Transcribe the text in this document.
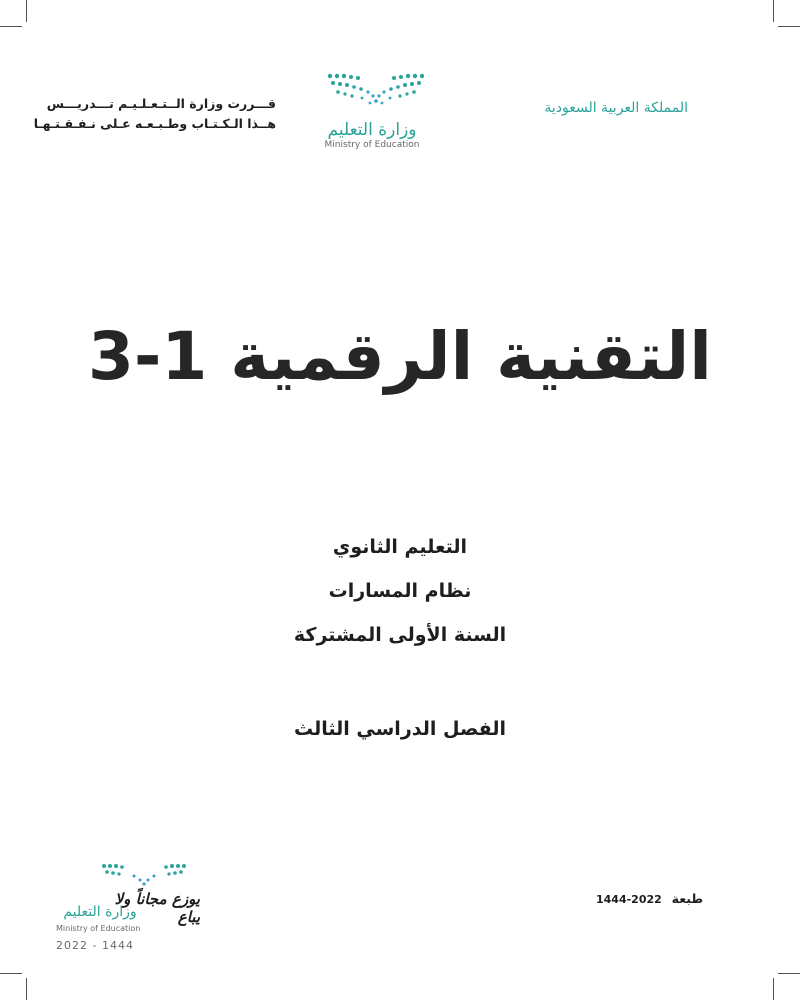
المملكة العربية السعودية
وزارة التعليم
Ministry of Education
قـــررت وزارة الــتـعـلـيـم تـــدريـــس
هــذا الـكـتـاب وطـبـعـه عـلى نـفـقـتـهـا
التقنية الرقمية 1-3
التعليم الثانوي
نظام المسارات
السنة الأولى المشتركة
الفصل الدراسي الثالث
1444-2022 طبعة
يوزع مجاناً ولا يباع
وزارة التعليم
Ministry of Education
2022 - 1444
